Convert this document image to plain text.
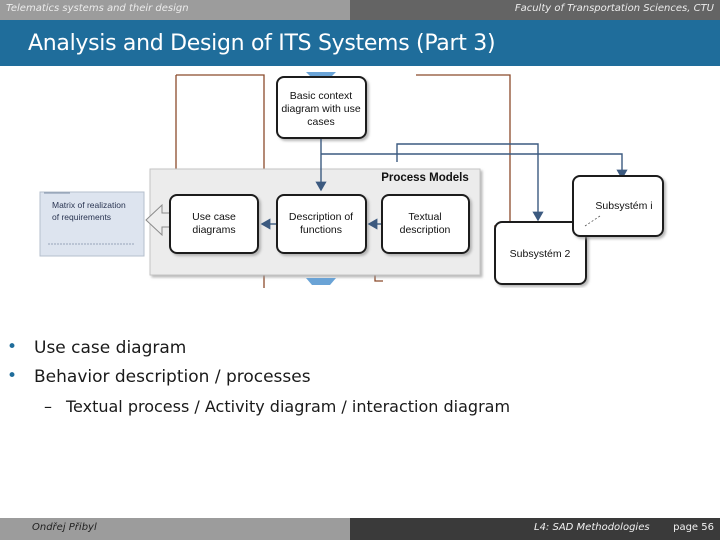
Telematics systems and their design	Faculty of Transportation Sciences, CTU
Analysis and Design of ITS Systems (Part 3)
Basic context
diagram with use
cases
Use case
diagrams
Description of
functions
Textual
description
Subsystém 2
Subsystém i
Process Models
Matrix of realization
of requirements
• Use case diagram
• Behavior description / processes
– Textual process / Activity diagram / interaction diagram
Ondřej Přibyl	L4: SAD Methodologies page 56
